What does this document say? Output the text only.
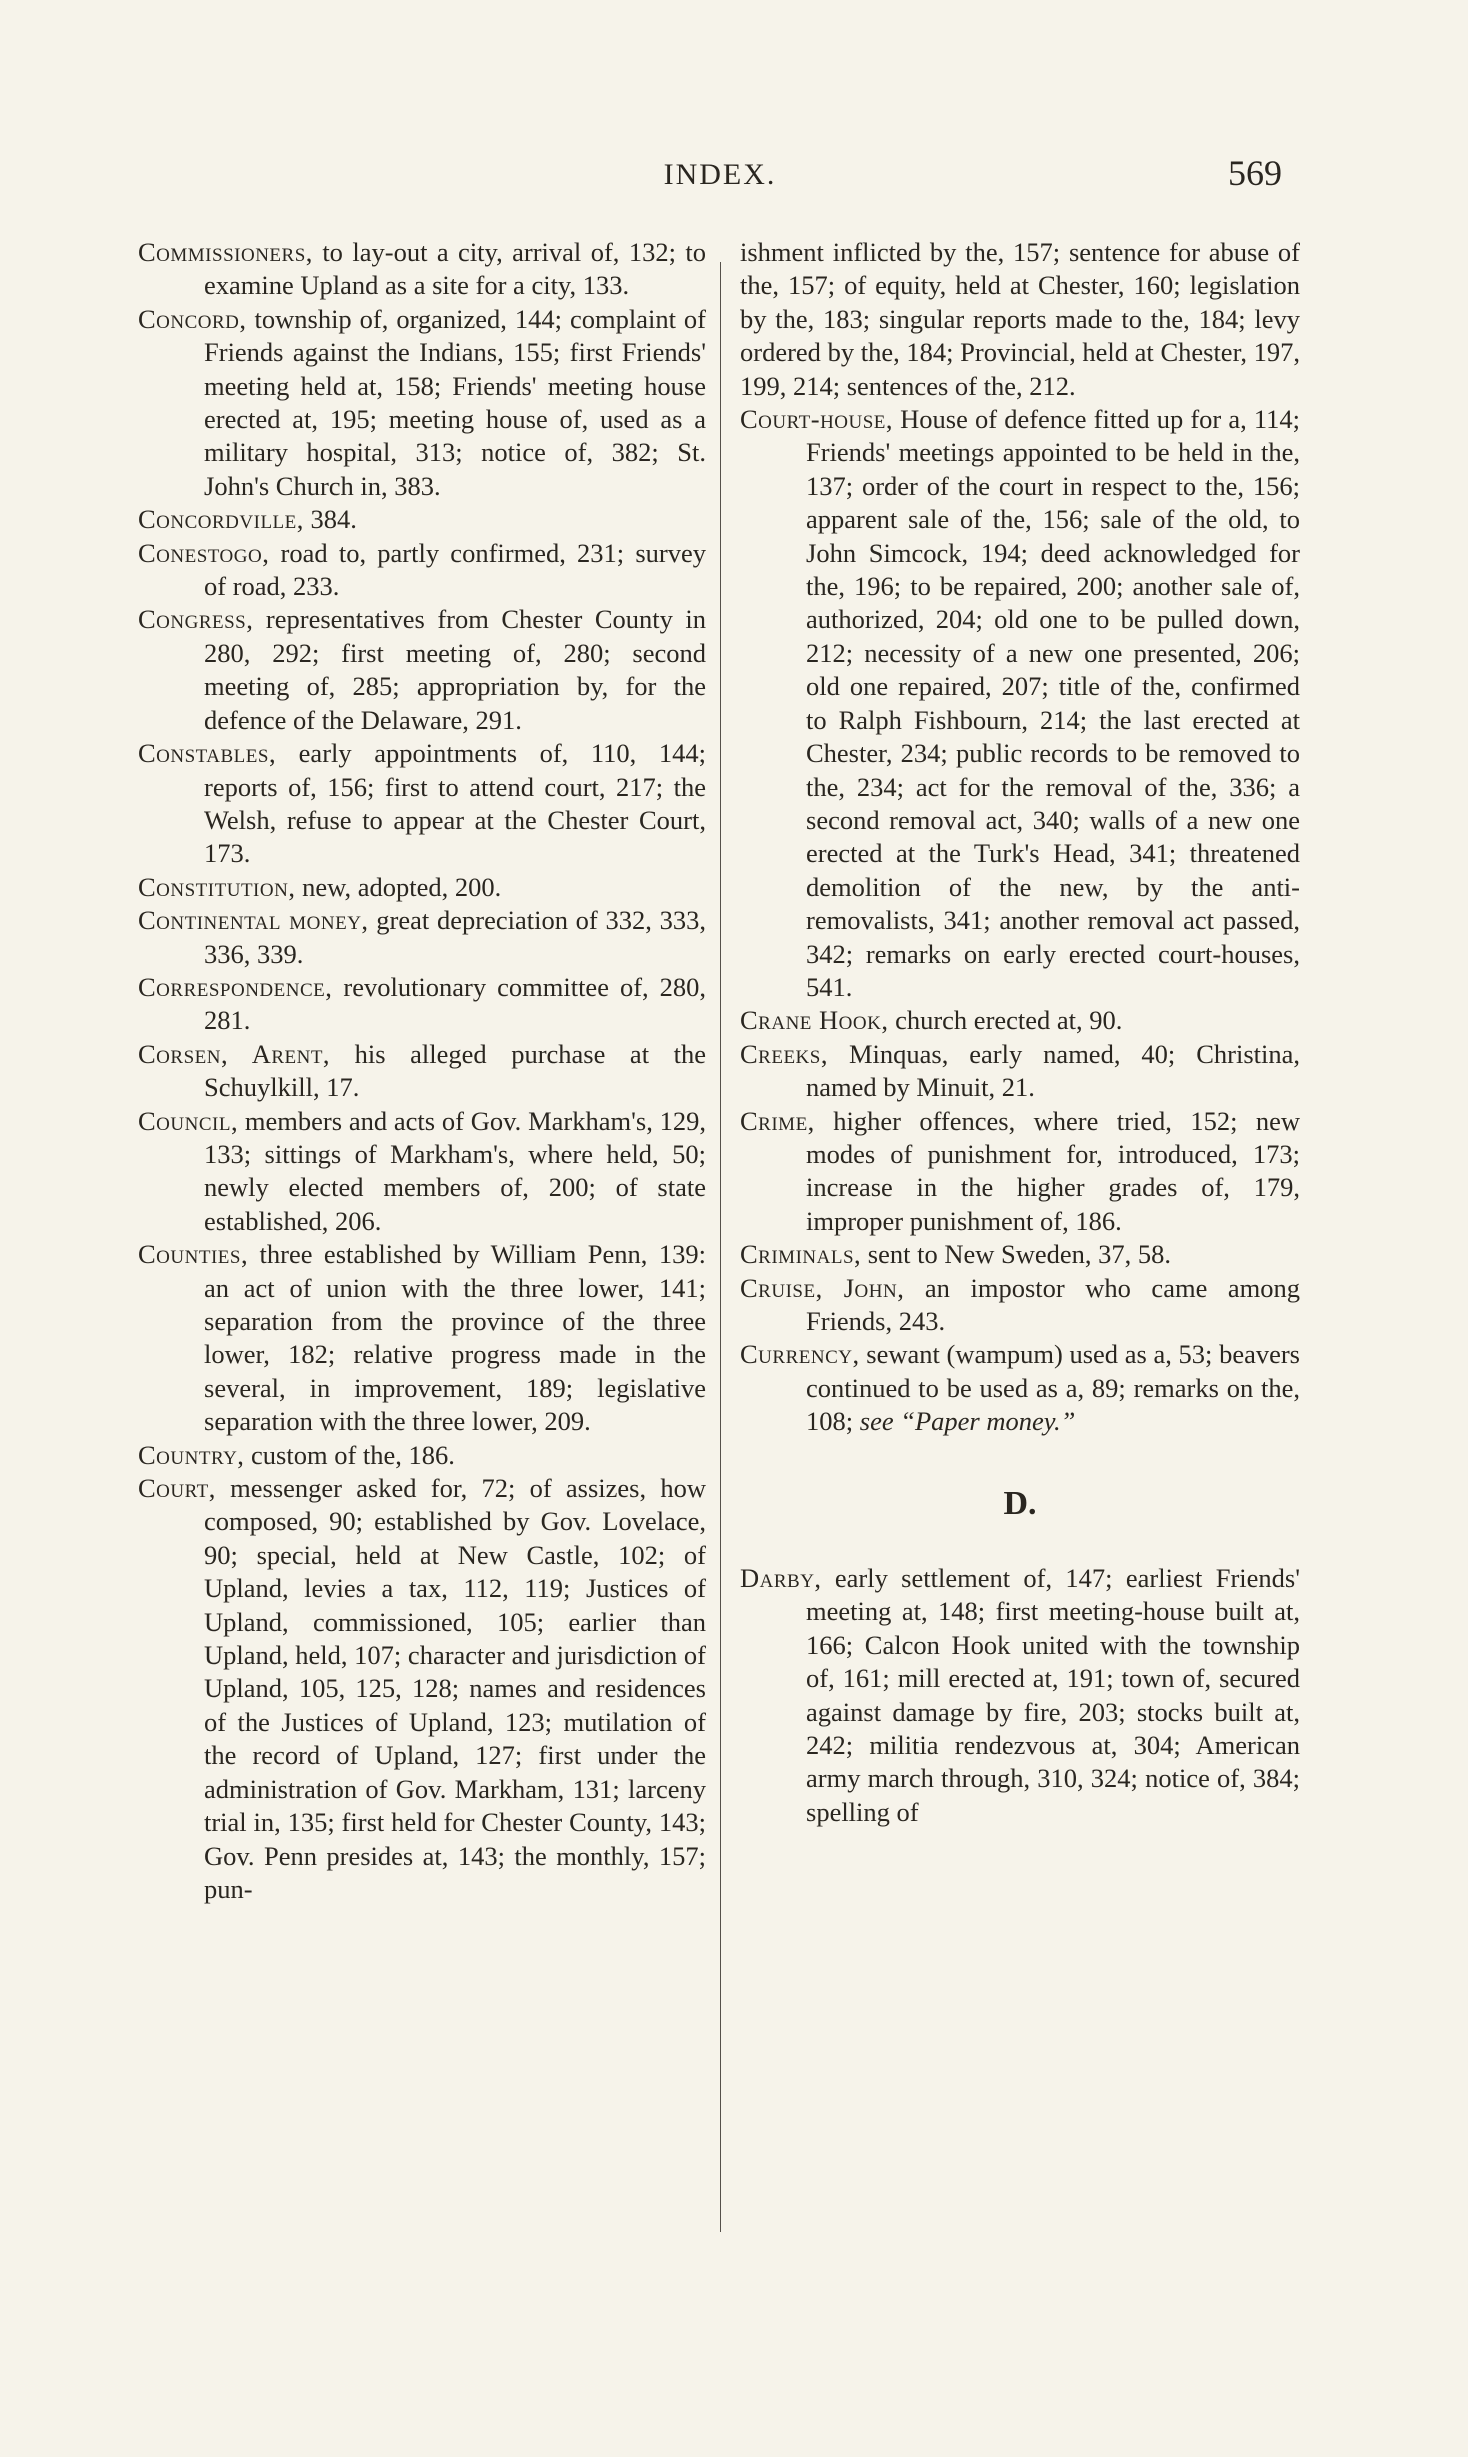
INDEX.	569

Commissioners, to lay-out a city, arrival of, 132; to examine Upland as a site for a city, 133.

Concord, township of, organized, 144; complaint of Friends against the Indians, 155; first Friends' meeting held at, 158; Friends' meeting house erected at, 195; meeting house of, used as a military hospital, 313; notice of, 382; St. John's Church in, 383.

Concordville, 384.

Conestogo, road to, partly confirmed, 231; survey of road, 233.

Congress, representatives from Chester County in 280, 292; first meeting of, 280; second meeting of, 285; appropriation by, for the defence of the Delaware, 291.

Constables, early appointments of, 110, 144; reports of, 156; first to attend court, 217; the Welsh, refuse to appear at the Chester Court, 173.

Constitution, new, adopted, 200.

Continental money, great depreciation of 332, 333, 336, 339.

Correspondence, revolutionary committee of, 280, 281.

Corsen, Arent, his alleged purchase at the Schuylkill, 17.

Council, members and acts of Gov. Markham's, 129, 133; sittings of Markham's, where held, 50; newly elected members of, 200; of state established, 206.

Counties, three established by William Penn, 139: an act of union with the three lower, 141; separation from the province of the three lower, 182; relative progress made in the several, in improvement, 189; legislative separation with the three lower, 209.

Country, custom of the, 186.

Court, messenger asked for, 72; of assizes, how composed, 90; established by Gov. Lovelace, 90; special, held at New Castle, 102; of Upland, levies a tax, 112, 119; Justices of Upland, commissioned, 105; earlier than Upland, held, 107; character and jurisdiction of Upland, 105, 125, 128; names and residences of the Justices of Upland, 123; mutilation of the record of Upland, 127; first under the administration of Gov. Markham, 131; larceny trial in, 135; first held for Chester County, 143; Gov. Penn presides at, 143; the monthly, 157; pun-

ishment inflicted by the, 157; sentence for abuse of the, 157; of equity, held at Chester, 160; legislation by the, 183; singular reports made to the, 184; levy ordered by the, 184; Provincial, held at Chester, 197, 199, 214; sentences of the, 212.

Court-house, House of defence fitted up for a, 114; Friends' meetings appointed to be held in the, 137; order of the court in respect to the, 156; apparent sale of the, 156; sale of the old, to John Simcock, 194; deed acknowledged for the, 196; to be repaired, 200; another sale of, authorized, 204; old one to be pulled down, 212; necessity of a new one presented, 206; old one repaired, 207; title of the, confirmed to Ralph Fishbourn, 214; the last erected at Chester, 234; public records to be removed to the, 234; act for the removal of the, 336; a second removal act, 340; walls of a new one erected at the Turk's Head, 341; threatened demolition of the new, by the anti-removalists, 341; another removal act passed, 342; remarks on early erected court-houses, 541.

Crane Hook, church erected at, 90.

Creeks, Minquas, early named, 40; Christina, named by Minuit, 21.

Crime, higher offences, where tried, 152; new modes of punishment for, introduced, 173; increase in the higher grades of, 179, improper punishment of, 186.

Criminals, sent to New Sweden, 37, 58.

Cruise, John, an impostor who came among Friends, 243.

Currency, sewant (wampum) used as a, 53; beavers continued to be used as a, 89; remarks on the, 108; see “Paper money.”

D.

Darby, early settlement of, 147; earliest Friends' meeting at, 148; first meeting-house built at, 166; Calcon Hook united with the township of, 161; mill erected at, 191; town of, secured against damage by fire, 203; stocks built at, 242; militia rendezvous at, 304; American army march through, 310, 324; notice of, 384; spelling of
